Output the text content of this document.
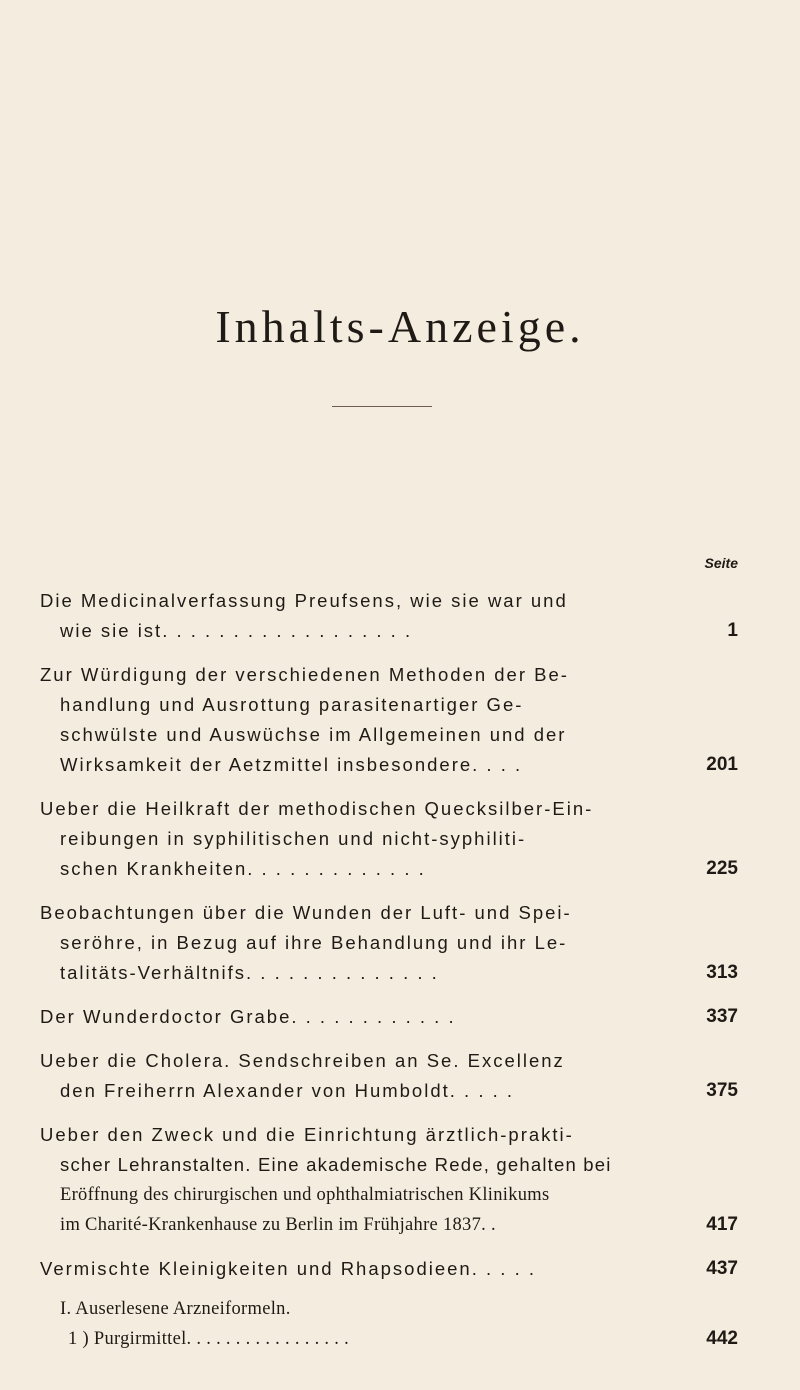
Inhalts-Anzeige.
Seite
Die Medicinalverfassung Preufsens, wie sie war und
wie sie ist. . . . . . . . . . . . . . . . . .	1
Zur Würdigung der verschiedenen Methoden der Be-
handlung und Ausrottung parasitenartiger Ge-
schwülste und Auswüchse im Allgemeinen und der
Wirksamkeit der Aetzmittel insbesondere. . . .	201
Ueber die Heilkraft der methodischen Quecksilber-Ein-
reibungen in syphilitischen und nicht-syphiliti-
schen Krankheiten. . . . . . . . . . . . .	225
Beobachtungen über die Wunden der Luft- und Spei-
seröhre, in Bezug auf ihre Behandlung und ihr Le-
talitäts-Verhältnifs. . . . . . . . . . . . . .	313
Der Wunderdoctor Grabe. . . . . . . . . . . .	337
Ueber die Cholera. Sendschreiben an Se. Excellenz
den Freiherrn Alexander von Humboldt. . . . .	375
Ueber den Zweck und die Einrichtung ärztlich-prakti-
scher Lehranstalten. Eine akademische Rede, gehalten bei
Eröffnung des chirurgischen und ophthalmiatrischen Klinikums
im Charité-Krankenhause zu Berlin im Frühjahre 1837. .	417
Vermischte Kleinigkeiten und Rhapsodieen. . . . .	437
I. Auserlesene Arzneiformeln.
1 ) Purgirmittel. . . . . . . . . . . . . . . . .	442
